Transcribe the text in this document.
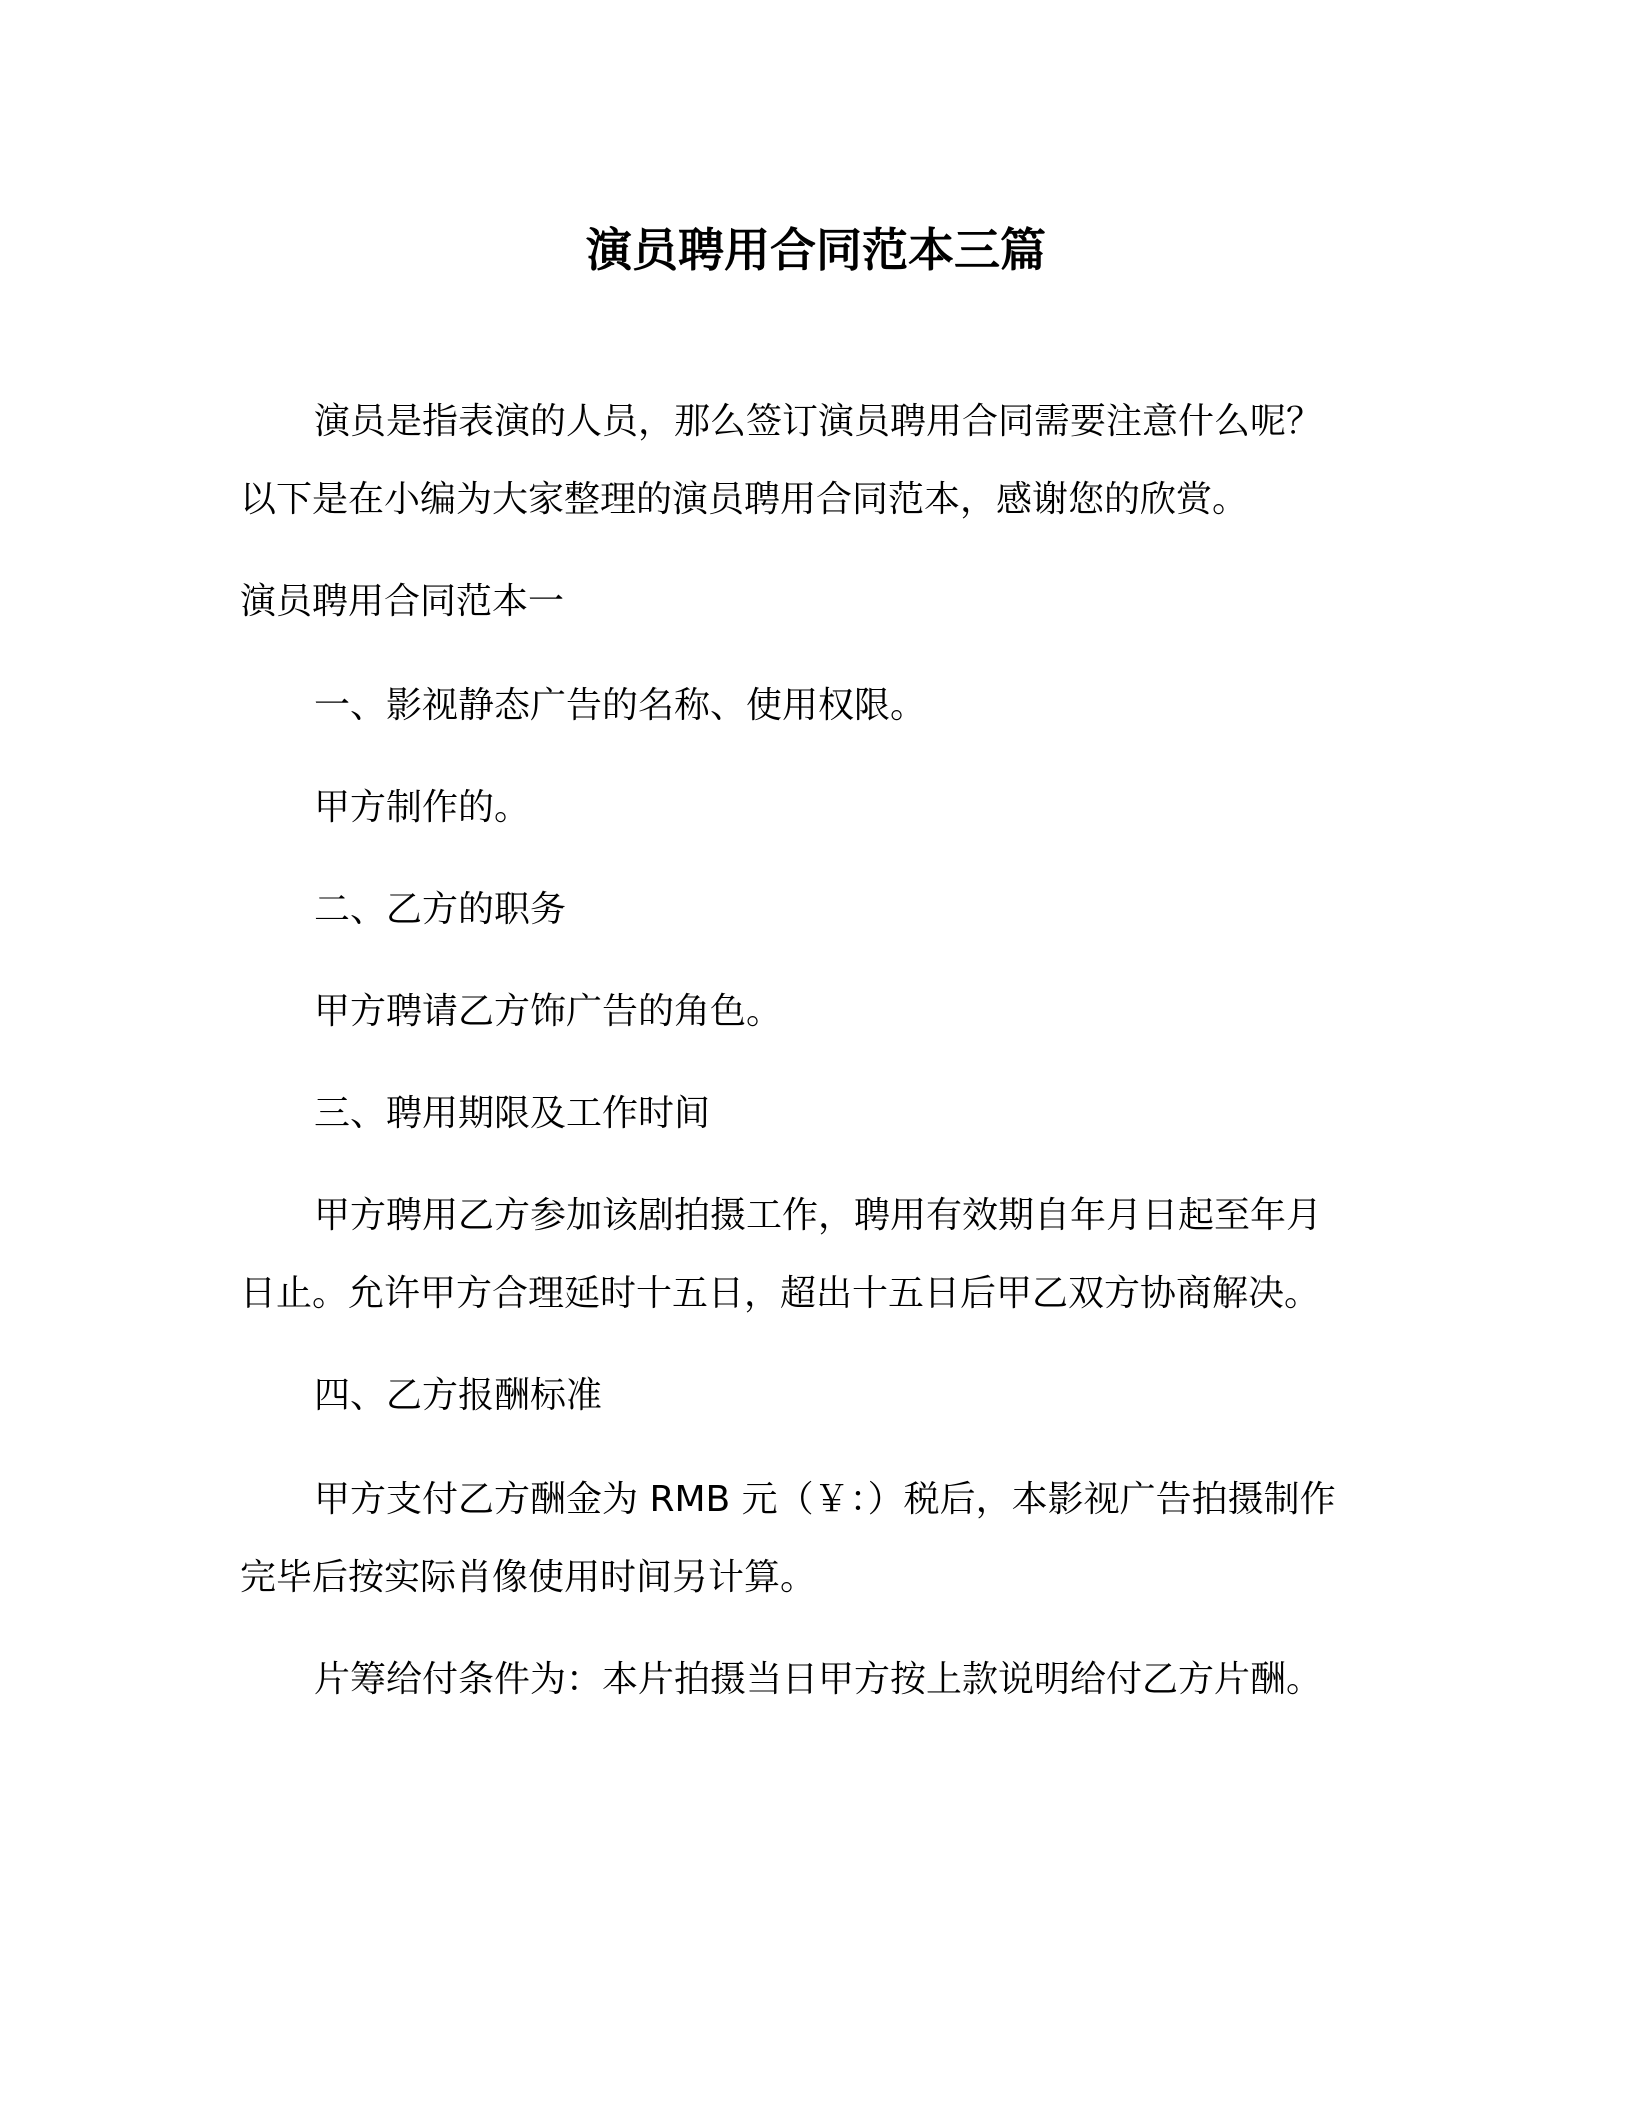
演员聘用合同范本三篇
演员是指表演的人员，那么签订演员聘用合同需要注意什么呢？
以下是在小编为大家整理的演员聘用合同范本，感谢您的欣赏。
演员聘用合同范本一
一、影视静态广告的名称、使用权限。
甲方制作的。
二、乙方的职务
甲方聘请乙方饰广告的角色。
三、聘用期限及工作时间
甲方聘用乙方参加该剧拍摄工作，聘用有效期自年月日起至年月
日止。允许甲方合理延时十五日，超出十五日后甲乙双方协商解决。
四、乙方报酬标准
甲方支付乙方酬金为 RMB 元（￥：）税后，本影视广告拍摄制作
完毕后按实际肖像使用时间另计算。
片筹给付条件为：本片拍摄当日甲方按上款说明给付乙方片酬。
